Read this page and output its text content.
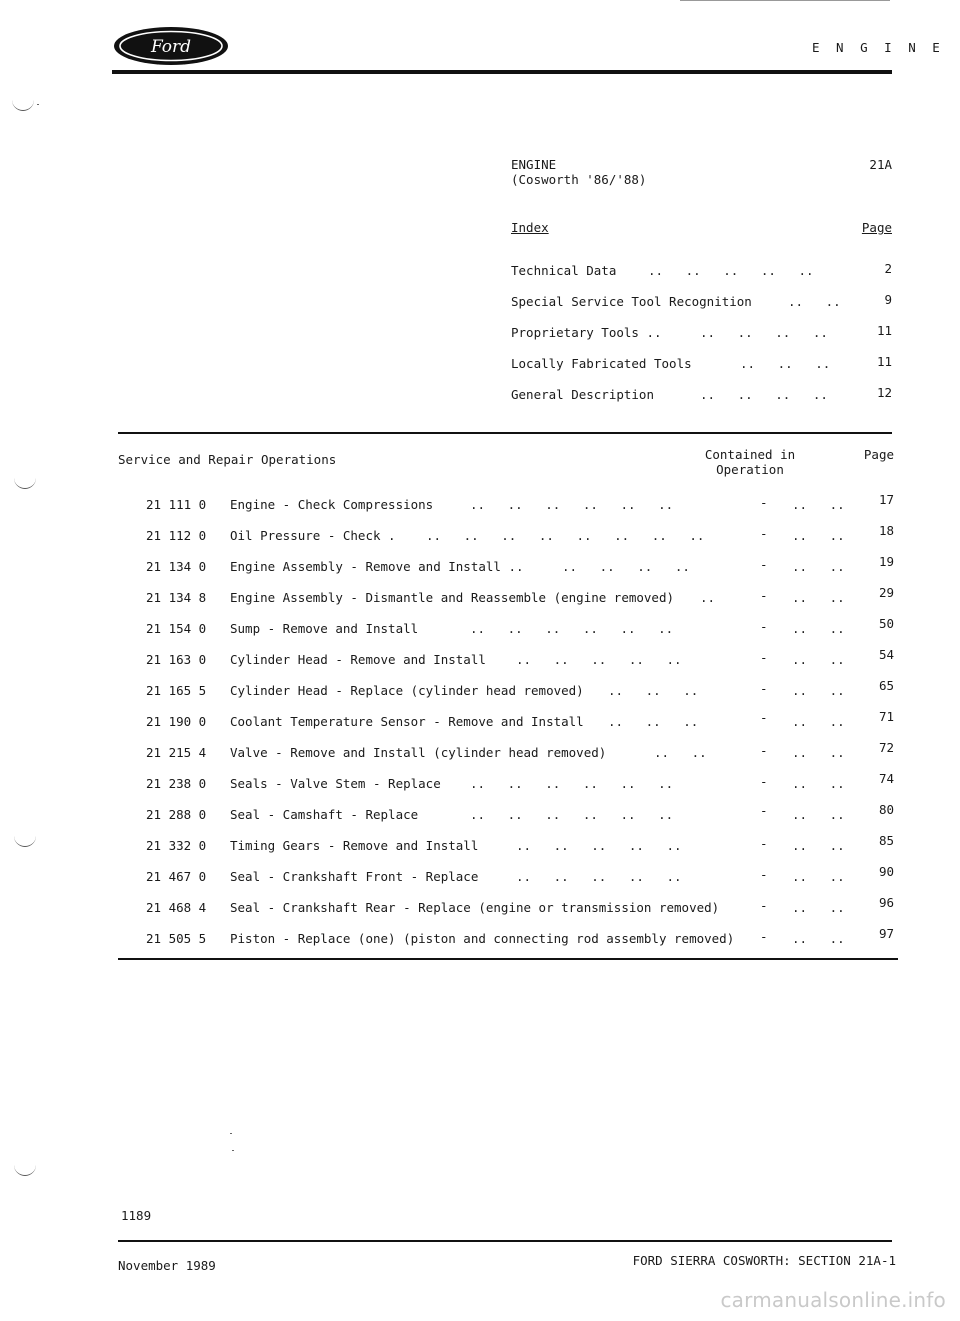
Ford	E N G I N E
ENGINE
(Cosworth '86/'88)
21A
Index	Page
Technical Data	..   ..   ..   ..   ..	2
Special Service Tool Recognition	..   ..	9
Proprietary Tools ..	..   ..   ..   ..	11
Locally Fabricated Tools	..   ..   ..	11
General Description	..   ..   ..   ..	12
Service and Repair Operations	Contained in
Operation
Page
21 111 0 Engine - Check Compressions	..   ..   ..   ..   ..   ..	- ..   ..	17
21 112 0 Oil Pressure - Check . ..   ..   ..   ..   ..   ..   ..   ..	- ..   ..	18
21 134 0 Engine Assembly - Remove and Install ..	..   ..   ..   ..	- ..   ..	19
21 134 8 Engine Assembly - Dismantle and Reassemble (engine removed) ..	- ..   ..	29
21 154 0 Sump - Remove and Install	..   ..   ..   ..   ..   ..	- ..   ..	50
21 163 0 Cylinder Head - Remove and Install ..   ..   ..   ..   ..	- ..   ..	54
21 165 5 Cylinder Head - Replace (cylinder head removed) ..   ..   ..	- ..   ..	65
21 190 0 Coolant Temperature Sensor - Remove and Install ..   ..   ..	- ..   ..	71
21 215 4 Valve - Remove and Install (cylinder head removed)	..   ..	- ..   ..	72
21 238 0 Seals - Valve Stem - Replace ..   ..   ..   ..   ..   ..	- ..   ..	74
21 288 0 Seal - Camshaft - Replace	..   ..   ..   ..   ..   ..	- ..   ..	80
21 332 0 Timing Gears - Remove and Install	..   ..   ..   ..   ..	- ..   ..	85
21 467 0 Seal - Crankshaft Front - Replace	..   ..   ..   ..   ..	- ..   ..	90
21 468 4 Seal - Crankshaft Rear - Replace (engine or transmission removed)	- ..   ..	96
21 505 5 Piston - Replace (one) (piston and connecting rod assembly removed) - ..   ..	97
1189
November 1989	FORD SIERRA COSWORTH: SECTION 21A-1
carmanualsonline.info
